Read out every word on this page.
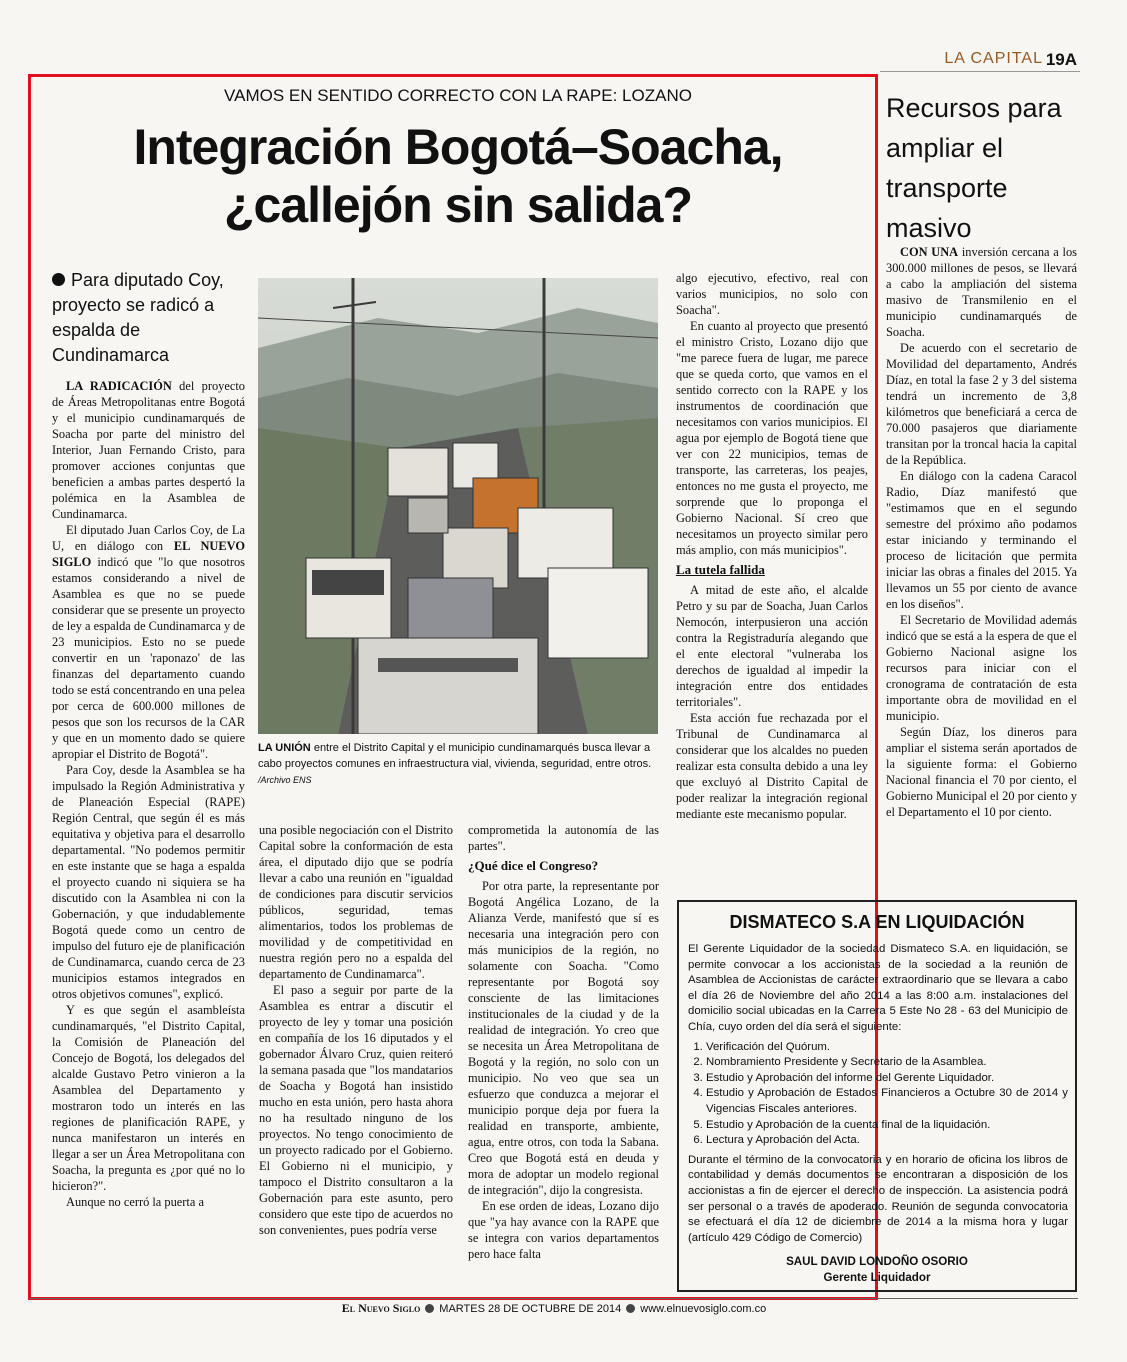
LA CAPITAL 19A
VAMOS EN SENTIDO CORRECTO CON LA RAPE: LOZANO
Integración Bogotá–Soacha,
¿callejón sin salida?
Para diputado Coy, proyecto se radicó a espalda de Cundinamarca

LA RADICACIÓN del proyecto de Áreas Metropolitanas entre Bogotá y el municipio cundinamarqués de Soacha por parte del ministro del Interior, Juan Fernando Cristo, para promover acciones conjuntas que beneficien a ambas partes despertó la polémica en la Asamblea de Cundinamarca.

El diputado Juan Carlos Coy, de La U, en diálogo con EL NUEVO SIGLO indicó que "lo que nosotros estamos considerando a nivel de Asamblea es que no se puede considerar que se presente un proyecto de ley a espalda de Cundinamarca y de 23 municipios. Esto no se puede convertir en un 'raponazo' de las finanzas del departamento cuando todo se está concentrando en una pelea por cerca de 600.000 millones de pesos que son los recursos de la CAR y que en un momento dado se quiere apropiar el Distrito de Bogotá".

Para Coy, desde la Asamblea se ha impulsado la Región Administrativa y de Planeación Especial (RAPE) Región Central, que según él es más equitativa y objetiva para el desarrollo departamental. "No podemos permitir en este instante que se haga a espalda el proyecto cuando ni siquiera se ha discutido con la Asamblea ni con la Gobernación, y que indudablemente Bogotá quede como un centro de impulso del futuro eje de planificación de Cundinamarca, cuando cerca de 23 municipios estamos integrados en otros objetivos comunes", explicó.

Y es que según el asambleísta cundinamarqués, "el Distrito Capital, la Comisión de Planeación del Concejo de Bogotá, los delegados del alcalde Gustavo Petro vinieron a la Asamblea del Departamento y mostraron todo un interés en las regiones de planificación RAPE, y nunca manifestaron un interés en llegar a ser un Área Metropolitana con Soacha, la pregunta es ¿por qué no lo hicieron?".

Aunque no cerró la puerta a

LA UNIÓN entre el Distrito Capital y el municipio cundinamarqués busca llevar a cabo proyectos comunes en infraestructura vial, vivienda, seguridad, entre otros. /Archivo ENS

una posible negociación con el Distrito Capital sobre la conformación de esta área, el diputado dijo que se podría llevar a cabo una reunión en "igualdad de condiciones para discutir servicios públicos, seguridad, temas alimentarios, todos los problemas de movilidad y de competitividad en nuestra región pero no a espalda del departamento de Cundinamarca".

El paso a seguir por parte de la Asamblea es entrar a discutir el proyecto de ley y tomar una posición en compañía de los 16 diputados y el gobernador Álvaro Cruz, quien reiteró la semana pasada que "los mandatarios de Soacha y Bogotá han insistido mucho en esta unión, pero hasta ahora no ha resultado ninguno de los proyectos. No tengo conocimiento de un proyecto radicado por el Gobierno. El Gobierno ni el municipio, y tampoco el Distrito consultaron a la Gobernación para este asunto, pero considero que este tipo de acuerdos no son convenientes, pues podría verse

comprometida la autonomía de las partes".

¿Qué dice el Congreso?

Por otra parte, la representante por Bogotá Angélica Lozano, de la Alianza Verde, manifestó que sí es necesaria una integración pero con más municipios de la región, no solamente con Soacha. "Como representante por Bogotá soy consciente de las limitaciones institucionales de la ciudad y de la realidad de integración. Yo creo que se necesita un Área Metropolitana de Bogotá y la región, no solo con un municipio. No veo que sea un esfuerzo que conduzca a mejorar el municipio porque deja por fuera la realidad en transporte, ambiente, agua, entre otros, con toda la Sabana. Creo que Bogotá está en deuda y mora de adoptar un modelo regional de integración", dijo la congresista.

En ese orden de ideas, Lozano dijo que "ya hay avance con la RAPE que se integra con varios departamentos pero hace falta

algo ejecutivo, efectivo, real con varios municipios, no solo con Soacha".

En cuanto al proyecto que presentó el ministro Cristo, Lozano dijo que "me parece fuera de lugar, me parece que se queda corto, que vamos en el sentido correcto con la RAPE y los instrumentos de coordinación que necesitamos con varios municipios. El agua por ejemplo de Bogotá tiene que ver con 22 municipios, temas de transporte, las carreteras, los peajes, entonces no me gusta el proyecto, me sorprende que lo proponga el Gobierno Nacional. Sí creo que necesitamos un proyecto similar pero más amplio, con más municipios".

La tutela fallida

A mitad de este año, el alcalde Petro y su par de Soacha, Juan Carlos Nemocón, interpusieron una acción contra la Registraduría alegando que el ente electoral "vulneraba los derechos de igualdad al impedir la integración entre dos entidades territoriales".

Esta acción fue rechazada por el Tribunal de Cundinamarca al considerar que los alcaldes no pueden realizar esta consulta debido a una ley que excluyó al Distrito Capital de poder realizar la integración regional mediante este mecanismo popular.

Recursos para ampliar el transporte masivo

CON UNA inversión cercana a los 300.000 millones de pesos, se llevará a cabo la ampliación del sistema masivo de Transmilenio en el municipio cundinamarqués de Soacha.

De acuerdo con el secretario de Movilidad del departamento, Andrés Díaz, en total la fase 2 y 3 del sistema tendrá un incremento de 3,8 kilómetros que beneficiará a cerca de 70.000 pasajeros que diariamente transitan por la troncal hacia la capital de la República.

En diálogo con la cadena Caracol Radio, Díaz manifestó que "estimamos que en el segundo semestre del próximo año podamos estar iniciando y terminando el proceso de licitación que permita iniciar las obras a finales del 2015. Ya llevamos un 55 por ciento de avance en los diseños".

El Secretario de Movilidad además indicó que se está a la espera de que el Gobierno Nacional asigne los recursos para iniciar con el cronograma de contratación de esta importante obra de movilidad en el municipio.

Según Díaz, los dineros para ampliar el sistema serán aportados de la siguiente forma: el Gobierno Nacional financia el 70 por ciento, el Gobierno Municipal el 20 por ciento y el Departamento el 10 por ciento.

DISMATECO S.A EN LIQUIDACIÓN

El Gerente Liquidador de la sociedad Dismateco S.A. en liquidación, se permite convocar a los accionistas de la sociedad a la reunión de Asamblea de Accionistas de carácter extraordinario que se llevara a cabo el día 26 de Noviembre del año 2014 a las 8:00 a.m. instalaciones del domicilio social ubicadas en la Carrera 5 Este No 28 - 63 del Municipio de Chía, cuyo orden del día será el siguiente:

1. Verificación del Quórum.
2. Nombramiento Presidente y Secretario de la Asamblea.
3. Estudio y Aprobación del informe del Gerente Liquidador.
4. Estudio y Aprobación de Estados Financieros a Octubre 30 de 2014 y Vigencias Fiscales anteriores.
5. Estudio y Aprobación de la cuenta final de la liquidación.
6. Lectura y Aprobación del Acta.

Durante el término de la convocatoria y en horario de oficina los libros de contabilidad y demás documentos se encontraran a disposición de los accionistas a fin de ejercer el derecho de inspección. La asistencia podrá ser personal o a través de apoderado. Reunión de segunda convocatoria se efectuará el día 12 de diciembre de 2014 a la misma hora y lugar (artículo 429 Código de Comercio)

SAUL DAVID LONDOÑO OSORIO
Gerente Liquidador
El Nuevo Siglo MARTES 28 DE OCTUBRE DE 2014 www.elnuevosiglo.com.co
